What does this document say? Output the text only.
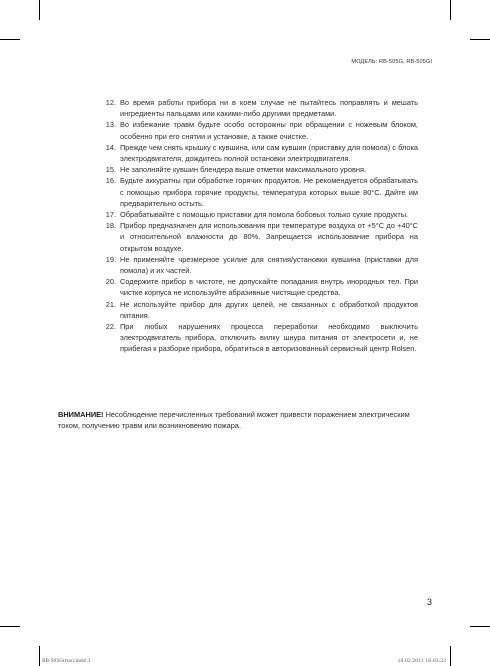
МОДЕЛЬ: RB-505G, RB-505GI

12. Во время работы прибора ни в коем случае не пытайтесь поправлять и мешать ингредиенты пальцами или какими-либо другими предметами.

13. Во избежание травм будьте особо осторожны при обращении с ножевым блоком, особенно при его снятии и установке, а также очистке.

14. Прежде чем снять крышку с кувшина, или сам кувшин (приставку для помола) с блока электродвигателя, дождитесь полной остановки электродвигателя.

15. Не заполняйте кувшин блендера выше отметки максимального уровня.

16. Будьте аккуратны при обработке горячих продуктов. Не рекомендуется обрабатывать с помощью прибора горячие продукты, температура которых выше 80°С. Дайте им предварительно остыть.

17. Обрабатывайте с помощью приставки для помола бобовых только сухие продукты.

18. Прибор предназначен для использования при температуре воздуха от +5°С до +40°С и относительной влажности до 80%. Запрещается использование прибора на открытом воздухе.

19. Не применяйте чрезмерное усилие для снятия/установки кувшина (приставки для помола) и их частей.

20. Содержите прибор в чистоте, не допускайте попадания внутрь инородных тел. При чистке корпуса не используйте абразивные чистящие средства.

21. Не используйте прибор для других целей, не связанных с обработкой продуктов питания.

22. При любых нарушениях процесса переработки необходимо выключить электродвигатель прибора, отключить вилку шнура питания от электросети и, не прибегая к разборке прибора, обратиться в авторизованный сервисный центр Rolsen.

ВНИМАНИЕ! Несоблюдение перечисленных требований может привести поражением электрическим током, получению травм или возникновению пожара.
3
RB-505G(rus).indd 3	18.02.2011 16:03:32
